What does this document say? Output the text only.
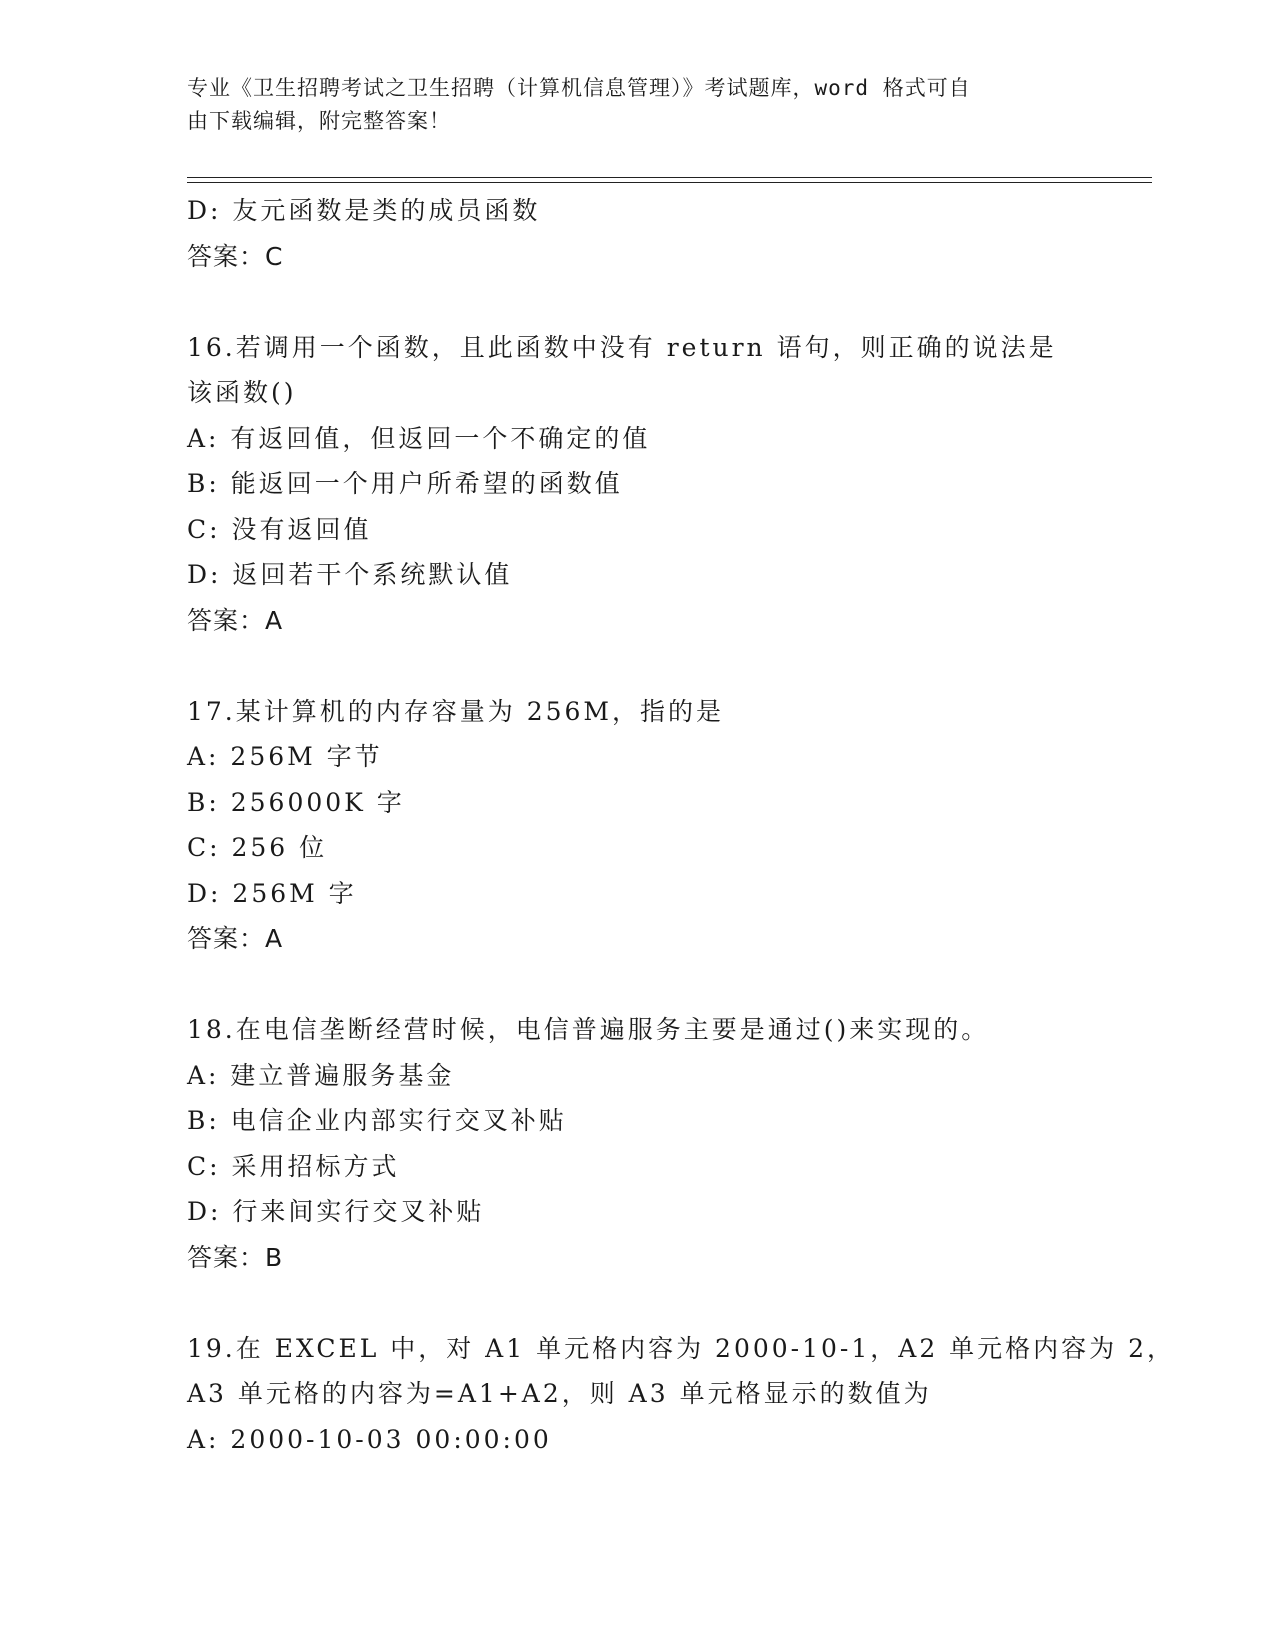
专业《卫生招聘考试之卫生招聘（计算机信息管理）》考试题库，word 格式可自
由下载编辑，附完整答案！
D: 友元函数是类的成员函数
答案：C
16.若调用一个函数，且此函数中没有 return 语句，则正确的说法是
该函数()
A: 有返回值，但返回一个不确定的值
B: 能返回一个用户所希望的函数值
C: 没有返回值
D: 返回若干个系统默认值
答案：A
17.某计算机的内存容量为 256M，指的是
A: 256M 字节
B: 256000K 字
C: 256 位
D: 256M 字
答案：A
18.在电信垄断经营时候，电信普遍服务主要是通过()来实现的。
A: 建立普遍服务基金
B: 电信企业内部实行交叉补贴
C: 采用招标方式
D: 行来间实行交叉补贴
答案：B
19.在 EXCEL 中，对 A1 单元格内容为 2000-10-1，A2 单元格内容为 2，
A3 单元格的内容为=A1+A2，则 A3 单元格显示的数值为
A: 2000-10-03 00:00:00
